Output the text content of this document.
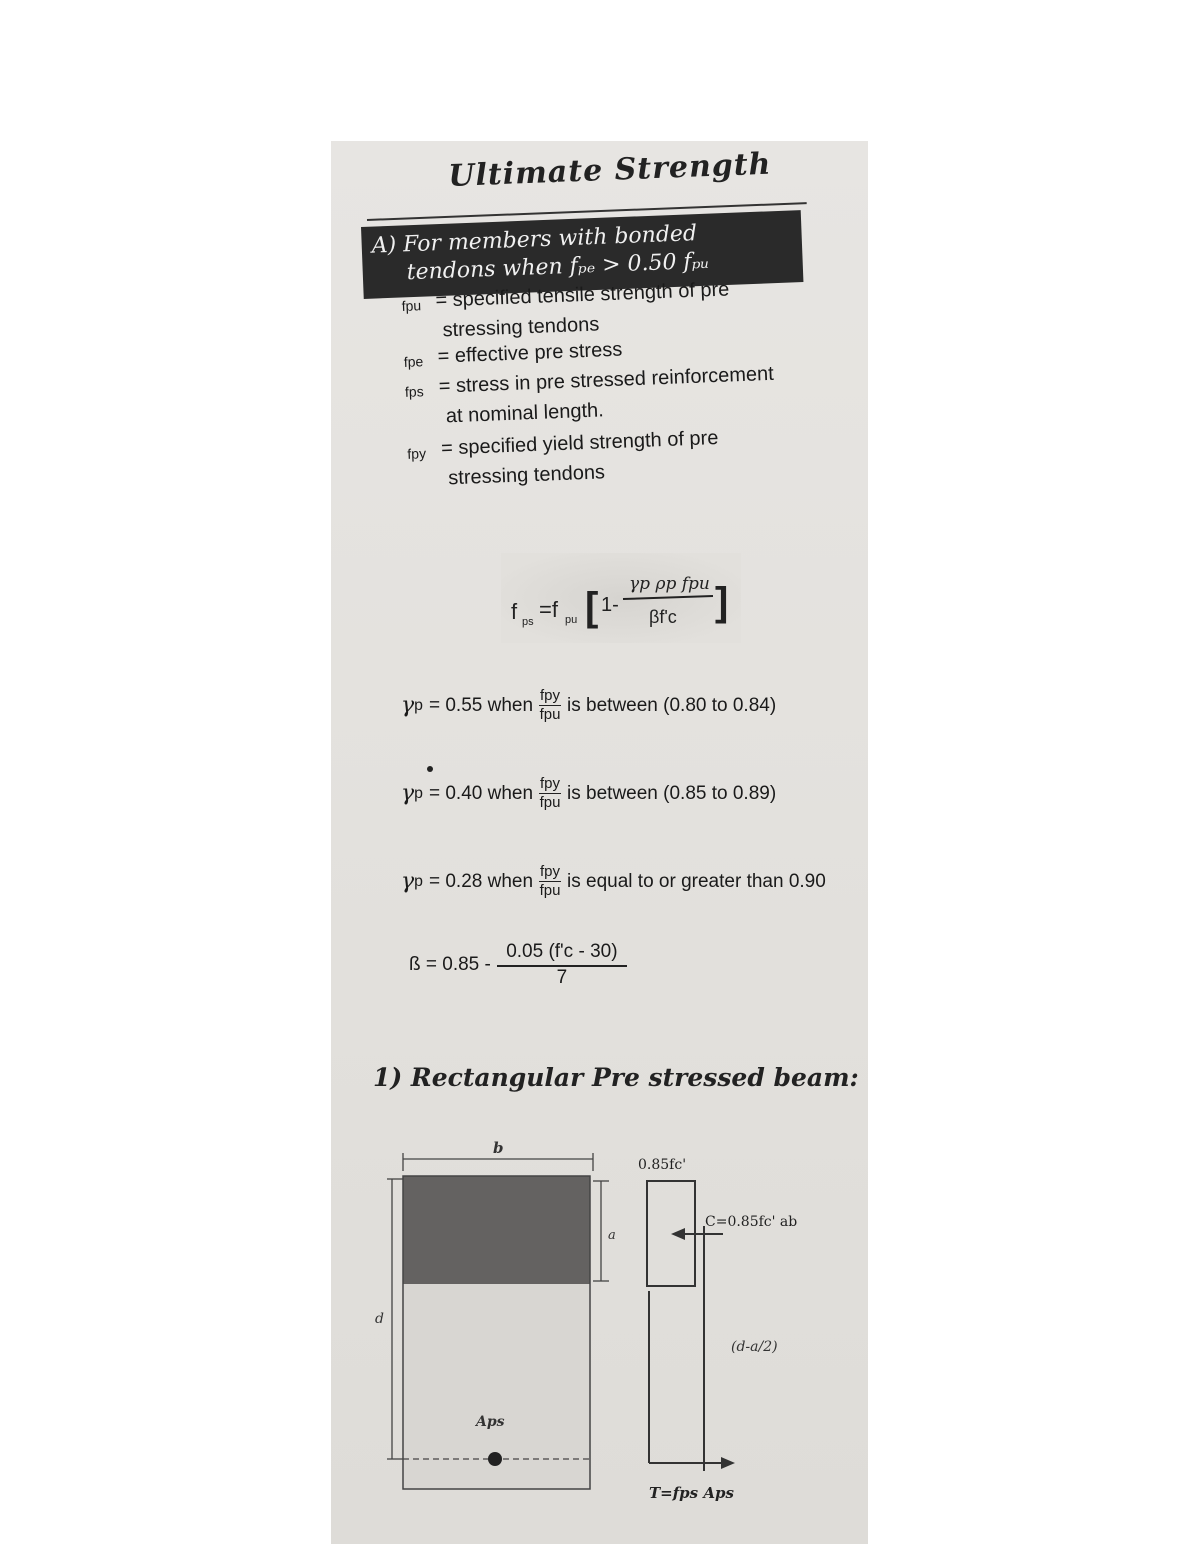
Ultimate Strength
A) For members with bonded
tendons when fₚₑ > 0.50 fₚᵤ
fpu = specified tensile strength of pre
stressing tendons
fpe = effective pre stress
fps = stress in pre stressed reinforcement
at nominal length.
fpy = specified yield strength of pre
stressing tendons
f ps =f pu [ 1-
γp ρp fpu
βf'c ]
b
a
d
Aps
0.85fc'
C=0.85fc' ab
(d-a/2)
T=fps Aps
γ p = 0.55 when $\frac{\text{fpy}}{\text{fpu}}$ is between (0.80 to 0.84)
γ p = 0.40 when $\frac{\text{fpy}}{\text{fpu}}$ is between (0.85 to 0.89)
γ p = 0.28 when $\frac{\text{fpy}}{\text{fpu}}$ is equal to or greater than 0.90
ß = $0.85 - \frac{0.05 (f'c - 30)}{7}$
1) Rectangular Pre stressed beam:
